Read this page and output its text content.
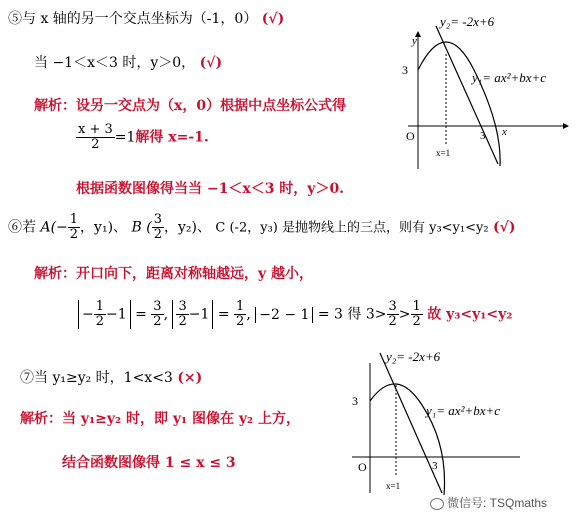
⑤与 x 轴的另一个交点坐标为（-1，0） (√)
当 −1＜x＜3 时，y＞0， (√)
解析：设另一交点为（x，0）根据中点坐标公式得
$\frac{x + 3}{2} =1$解得 x=-1.
根据函数图像得当当 −1＜x＜3 时，y＞0.
y
x
O
3
3
x=1
y₂= -2x+6
y₁= ax²+bx+c
⑥若 $A(- \frac{1}{2}$ ，y₁)、 B ( $\frac{3}{2}$ ，y₂)、 C (-2，y₃) 是抛物线上的三点，则有 y₃<y₁<y₂ (√)
解析：开口向下，距离对称轴越远，y 越小，
− $\frac{1}{2} -1 = \frac{3}{2}$ , $\frac{3}{2} -1 = \frac{1}{2}$ , −2 − 1 = 3 得 $3> \frac{3}{2} > \frac{1}{2}$ 故 y₃<y₁<y₂
⑦当 y₁≥y₂ 时，1<x<3 (×)
解析：当 y₁≥y₂ 时，即 y₁ 图像在 y₂ 上方，
结合函数图像得 1 ≤ x ≤ 3	O
3
3
x=1
y₂= -2x+6
y₁= ax²+bx+c
微信号: TSQmaths
